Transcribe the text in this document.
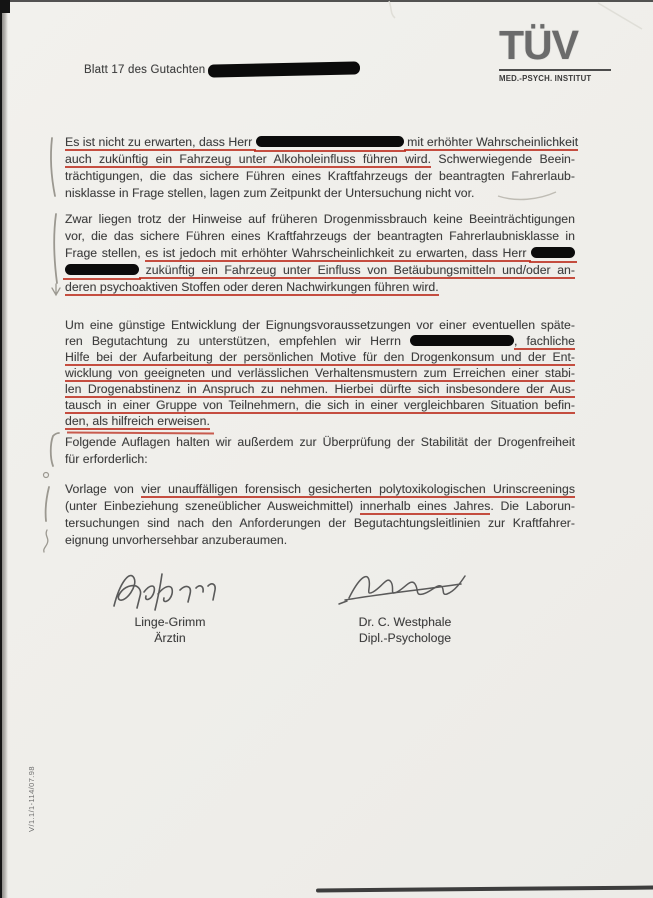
Blatt 17 des Gutachten
TÜV
MED.-PSYCH. INSTITUT
Es ist nicht zu erwarten, dass Herr	mit erhöhter Wahrscheinlichkeit
auch zukünftig ein Fahrzeug unter Alkoholeinfluss führen wird. Schwerwiegende Beein-
trächtigungen, die das sichere Führen eines Kraftfahrzeugs der beantragten Fahrerlaub-
nisklasse in Frage stellen, lagen zum Zeitpunkt der Untersuchung nicht vor.
Zwar liegen trotz der Hinweise auf früheren Drogenmissbrauch keine Beeinträchtigungen
vor, die das sichere Führen eines Kraftfahrzeugs der beantragten Fahrerlaubnisklasse in
Frage stellen, es ist jedoch mit erhöhter Wahrscheinlichkeit zu erwarten, dass Herr
zukünftig ein Fahrzeug unter Einfluss von Betäubungsmitteln und/oder an-
deren psychoaktiven Stoffen oder deren Nachwirkungen führen wird.
Um eine günstige Entwicklung der Eignungsvoraussetzungen vor einer eventuellen späte-
ren Begutachtung zu unterstützen, empfehlen wir Herrn	, fachliche
Hilfe bei der Aufarbeitung der persönlichen Motive für den Drogenkonsum und der Ent-
wicklung von geeigneten und verlässlichen Verhaltensmustern zum Erreichen einer stabi-
len Drogenabstinenz in Anspruch zu nehmen. Hierbei dürfte sich insbesondere der Aus-
tausch in einer Gruppe von Teilnehmern, die sich in einer vergleichbaren Situation befin-
den, als hilfreich erweisen.
Folgende Auflagen halten wir außerdem zur Überprüfung der Stabilität der Drogenfreiheit
für erforderlich:
Vorlage von vier unauffälligen forensisch gesicherten polytoxikologischen Urinscreenings
(unter Einbeziehung szeneüblicher Ausweichmittel) innerhalb eines Jahres. Die Laborun-
tersuchungen sind nach den Anforderungen der Begutachtungsleitlinien zur Kraftfahrer-
eignung unvorhersehbar anzuberaumen.
Linge-Grimm
Ärztin
Dr. C. Westphale
Dipl.-Psychologe
V/1.1/1-114/07.98
